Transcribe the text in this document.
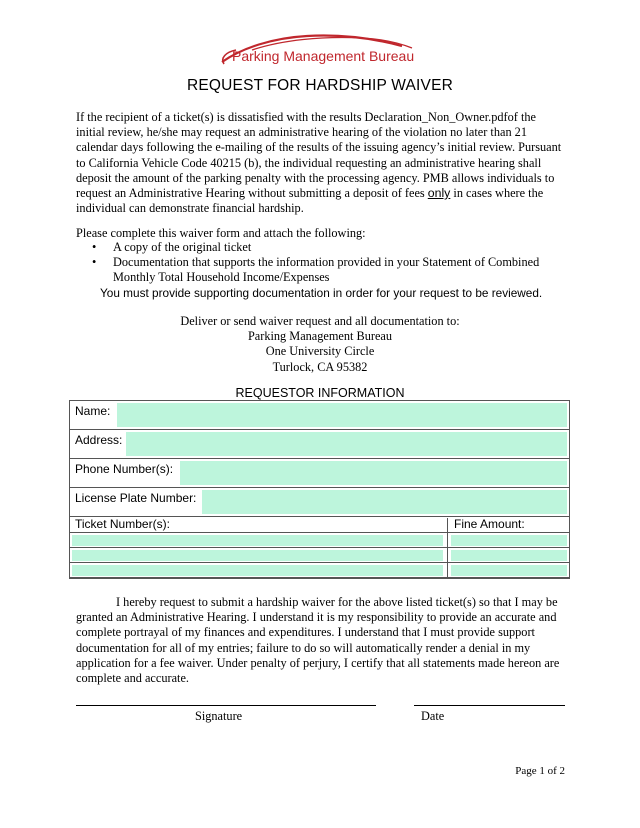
Parking Management Bureau
REQUEST FOR HARDSHIP WAIVER
If the recipient of a ticket(s) is dissatisfied with the results Declaration_Non_Owner.pdfof the initial review, he/she may request an administrative hearing of the violation no later than 21 calendar days following the e-mailing of the results of the issuing agency’s initial review. Pursuant to California Vehicle Code 40215 (b), the individual requesting an administrative hearing shall deposit the amount of the parking penalty with the processing agency. PMB allows individuals to request an Administrative Hearing without submitting a deposit of fees only in cases where the individual can demonstrate financial hardship.
Please complete this waiver form and attach the following:
• A copy of the original ticket
• Documentation that supports the information provided in your Statement of Combined Monthly Total Household Income/Expenses
You must provide supporting documentation in order for your request to be reviewed.
Deliver or send waiver request and all documentation to:
Parking Management Bureau
One University Circle
Turlock, CA 95382
REQUESTOR INFORMATION
Name:
Address:
Phone Number(s):
License Plate Number:
Ticket Number(s):	Fine Amount:
I hereby request to submit a hardship waiver for the above listed ticket(s) so that I may be granted an Administrative Hearing. I understand it is my responsibility to provide an accurate and complete portrayal of my finances and expenditures. I understand that I must provide support documentation for all of my entries; failure to do so will automatically render a denial in my application for a fee waiver. Under penalty of perjury, I certify that all statements made hereon are complete and accurate.
Signature	Date
Page 1 of 2
